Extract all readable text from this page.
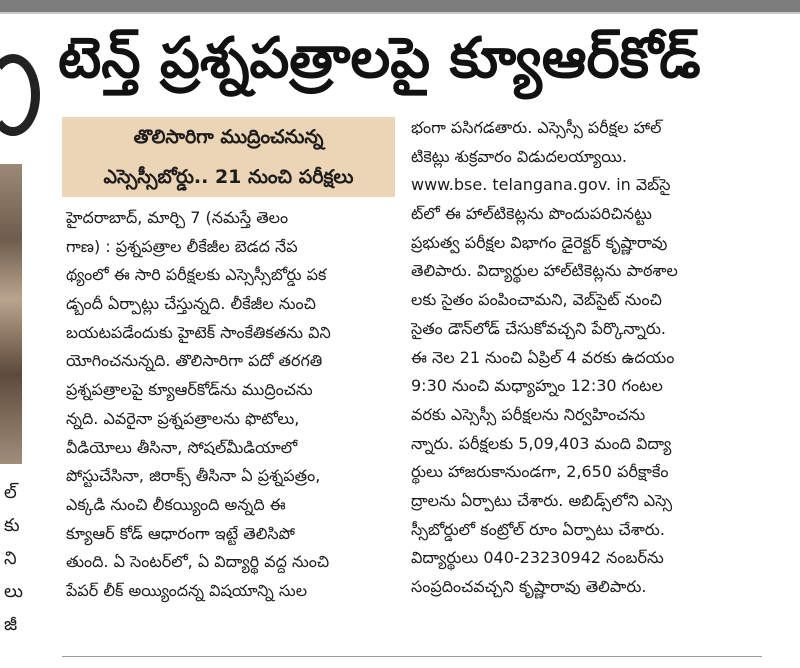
ల్
కు
ని
లు
జీ
టెన్త్ ప్రశ్నపత్రాలపై క్యూఆర్‌కోడ్
తొలిసారిగా ముద్రించనున్న
ఎస్సెస్సీబోర్డు.. 21 నుంచి పరీక్షలు
హైదరాబాద్, మార్చి 7 (నమస్తే తెలం
గాణ) : ప్రశ్నపత్రాల లీకేజీల బెడద నేప
థ్యంలో ఈ సారి పరీక్షలకు ఎస్సెస్సీబోర్డు పక
డ్బందీ ఏర్పాట్లు చేస్తున్నది. లీకేజీల నుంచి
బయటపడేందుకు హైటెక్ సాంకేతికతను విని
యోగించనున్నది. తొలిసారిగా పదో తరగతి
ప్రశ్నపత్రాలపై క్యూఆర్‌కోడ్‌ను ముద్రించను
న్నది. ఎవరైనా ప్రశ్నపత్రాలను ఫొటోలు,
వీడియోలు తీసినా, సోషల్‌మీడియాలో
పోస్టుచేసినా, జిరాక్స్ తీసినా ఏ ప్రశ్నపత్రం,
ఎక్కడి నుంచి లీకయ్యింది అన్నది ఈ
క్యూఆర్ కోడ్ ఆధారంగా ఇట్టే తెలిసిపో
తుంది. ఏ సెంటర్‌లో, ఏ విద్యార్థి వద్ద నుంచి
పేపర్ లీక్ అయ్యిందన్న విషయాన్ని సుల
భంగా పసిగడతారు. ఎస్సెస్సీ పరీక్షల హాల్
టికెట్లు శుక్రవారం విడుదలయ్యాయి.
www.bse. telangana.gov. in వెబ్‌సై
ట్‌లో ఈ హాల్‌టికెట్లను పొందుపరిచినట్టు
ప్రభుత్వ పరీక్షల విభాగం డైరెక్టర్ కృష్ణారావు
తెలిపారు. విద్యార్థుల హాల్‌టికెట్లను పాఠశాల
లకు సైతం పంపించామని, వెబ్‌సైట్ నుంచి
సైతం డౌన్‌లోడ్ చేసుకోవచ్చని పేర్కొన్నారు.
ఈ నెల 21 నుంచి ఏప్రిల్ 4 వరకు ఉదయం
9:30 నుంచి మధ్యాహ్నం 12:30 గంటల
వరకు ఎస్సెస్సీ పరీక్షలను నిర్వహించను
న్నారు. పరీక్షలకు 5,09,403 మంది విద్యా
ర్థులు హాజరుకానుండగా, 2,650 పరీక్షాకేం
ద్రాలను ఏర్పాటు చేశారు. అబిడ్స్‌లోని ఎస్సె
స్సీబోర్డులో కంట్రోల్ రూం ఏర్పాటు చేశారు.
విద్యార్థులు 040-23230942 నంబర్‌ను
సంప్రదించవచ్చని కృష్ణారావు తెలిపారు.
